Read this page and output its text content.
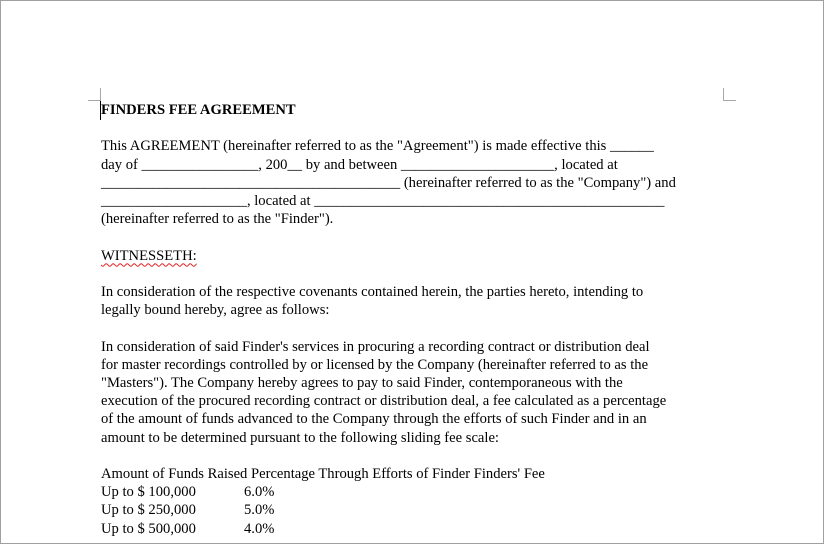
FINDERS FEE AGREEMENT

This AGREEMENT (hereinafter referred to as the "Agreement") is made effective this ______

day of ________________, 200__ by and between _____________________, located at

_________________________________________ (hereinafter referred to as the "Company") and

____________________, located at ________________________________________________

(hereinafter referred to as the "Finder").

WITNESSETH:

In consideration of the respective covenants contained herein, the parties hereto, intending to

legally bound hereby, agree as follows:

In consideration of said Finder's services in procuring a recording contract or distribution deal

for master recordings controlled by or licensed by the Company (hereinafter referred to as the

"Masters"). The Company hereby agrees to pay to said Finder, contemporaneous with the

execution of the procured recording contract or distribution deal, a fee calculated as a percentage

of the amount of funds advanced to the Company through the efforts of such Finder and in an

amount to be determined pursuant to the following sliding fee scale:

Amount of Funds Raised Percentage Through Efforts of Finder Finders' Fee

Up to $ 100,000	6.0%
Up to $ 250,000	5.0%
Up to $ 500,000	4.0%
